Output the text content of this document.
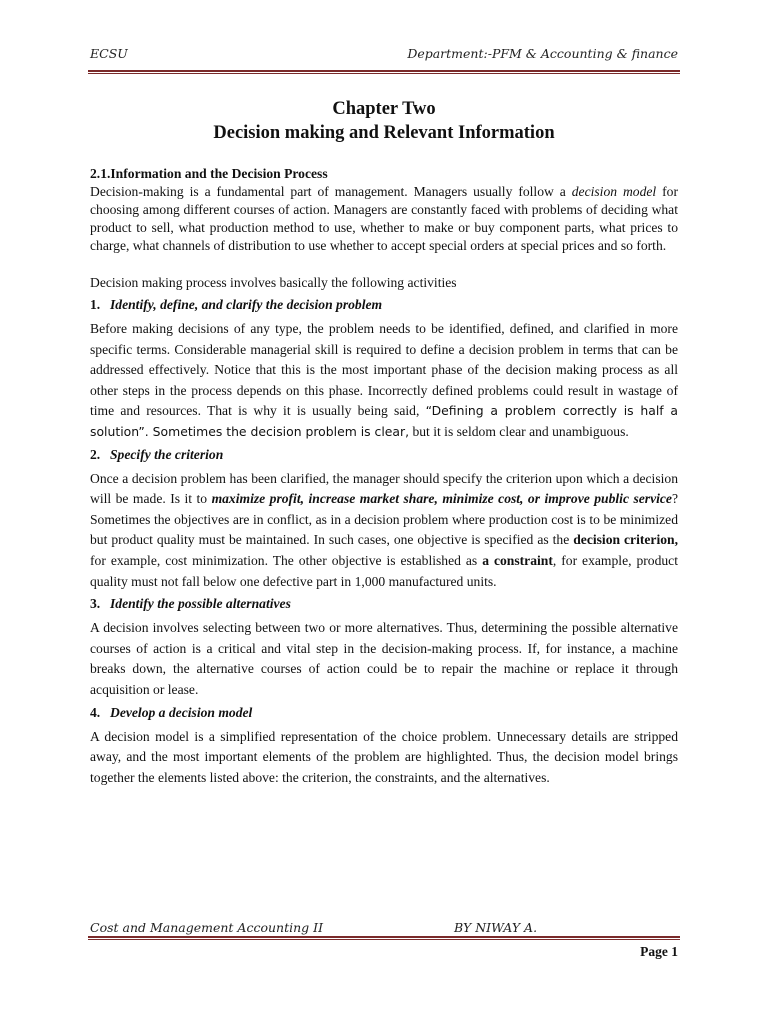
ECSU	Department:-PFM & Accounting & finance
Chapter Two
Decision making and Relevant Information
2.1.Information and the Decision Process

Decision-making is a fundamental part of management. Managers usually follow a decision model for choosing among different courses of action. Managers are constantly faced with problems of deciding what product to sell, what production method to use, whether to make or buy component parts, what prices to charge, what channels of distribution to use whether to accept special orders at special prices and so forth.

Decision making process involves basically the following activities

1. Identify, define, and clarify the decision problem

Before making decisions of any type, the problem needs to be identified, defined, and clarified in more specific terms. Considerable managerial skill is required to define a decision problem in terms that can be addressed effectively. Notice that this is the most important phase of the decision making process as all other steps in the process depends on this phase. Incorrectly defined problems could result in wastage of time and resources. That is why it is usually being said, “Defining a problem correctly is half a solution”. Sometimes the decision problem is clear, but it is seldom clear and unambiguous.

2. Specify the criterion

Once a decision problem has been clarified, the manager should specify the criterion upon which a decision will be made. Is it to maximize profit, increase market share, minimize cost, or improve public service? Sometimes the objectives are in conflict, as in a decision problem where production cost is to be minimized but product quality must be maintained. In such cases, one objective is specified as the decision criterion, for example, cost minimization. The other objective is established as a constraint, for example, product quality must not fall below one defective part in 1,000 manufactured units.

3. Identify the possible alternatives

A decision involves selecting between two or more alternatives. Thus, determining the possible alternative courses of action is a critical and vital step in the decision-making process. If, for instance, a machine breaks down, the alternative courses of action could be to repair the machine or replace it through acquisition or lease.

4. Develop a decision model

A decision model is a simplified representation of the choice problem. Unnecessary details are stripped away, and the most important elements of the problem are highlighted. Thus, the decision model brings together the elements listed above: the criterion, the constraints, and the alternatives.

Cost and Management Accounting II	BY NIWAY A.
Page 1
